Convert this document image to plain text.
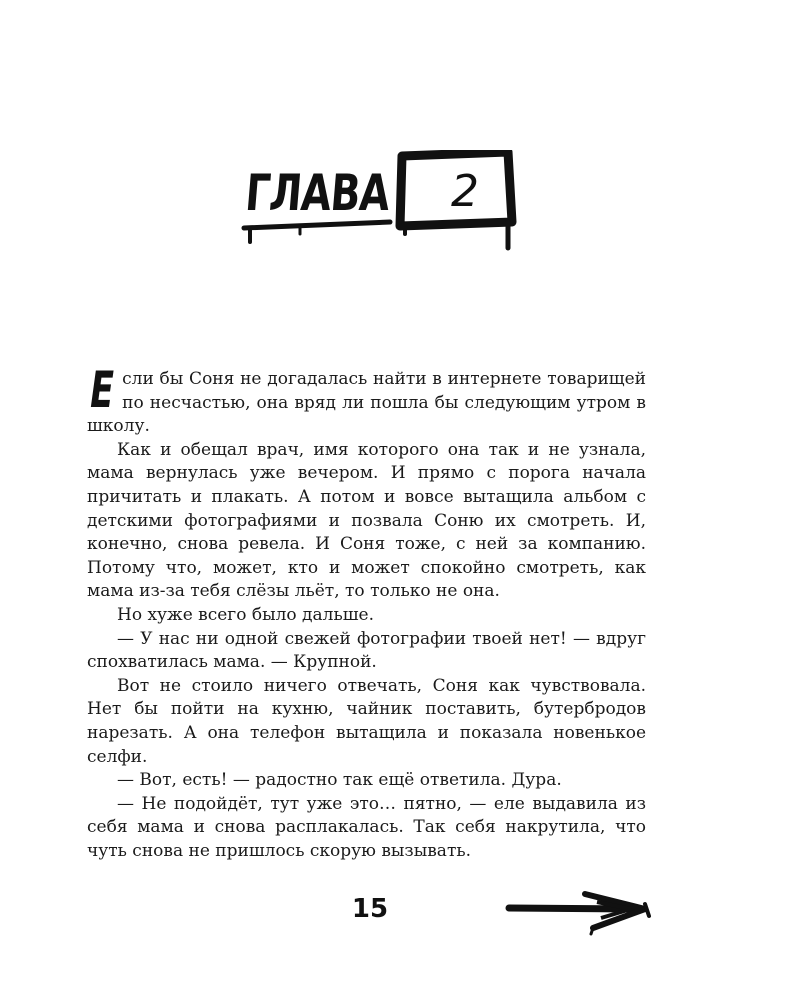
ГЛАВА	2

Если бы Соня не догадалась найти в интернете товарищей по несчастью, она вряд ли пошла бы следующим утром в школу.

Как и обещал врач, имя которого она так и не узнала, мама вернулась уже вечером. И прямо с порога начала причитать и плакать. А потом и вовсе вытащила альбом с детскими фотографиями и позвала Соню их смотреть. И, конечно, снова ревела. И Соня тоже, с ней за компанию. Потому что, может, кто и может спокойно смотреть, как мама из-за тебя слёзы льёт, то только не она.

Но хуже всего было дальше.

— У нас ни одной свежей фотографии твоей нет! — вдруг спохватилась мама. — Крупной.

Вот не стоило ничего отвечать, Соня как чувствовала. Нет бы пойти на кухню, чайник поставить, бутербродов нарезать. А она телефон вытащила и показала новенькое селфи.

— Вот, есть! — радостно так ещё ответила. Дура.

— Не подойдёт, тут уже это… пятно, — еле выдавила из себя мама и снова расплакалась. Так себя накрутила, что чуть снова не пришлось скорую вызывать.

15
